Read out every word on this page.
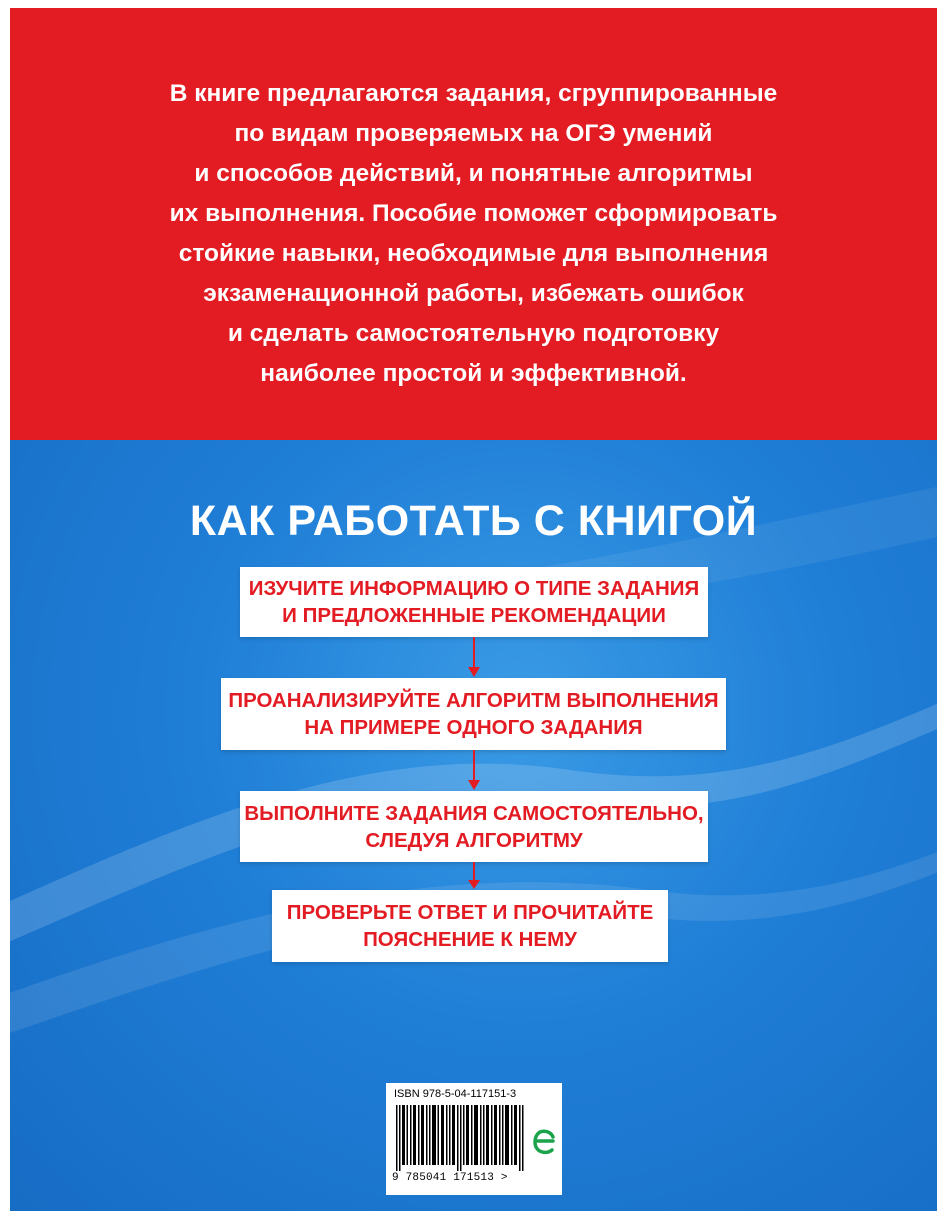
В книге предлагаются задания, сгруппированные
по видам проверяемых на ОГЭ умений
и способов действий, и понятные алгоритмы
их выполнения. Пособие поможет сформировать
стойкие навыки, необходимые для выполнения
экзаменационной работы, избежать ошибок
и сделать самостоятельную подготовку
наиболее простой и эффективной.

КАК РАБОТАТЬ С КНИГОЙ
ИЗУЧИТЕ ИНФОРМАЦИЮ О ТИПЕ ЗАДАНИЯ
И ПРЕДЛОЖЕННЫЕ РЕКОМЕНДАЦИИ
ПРОАНАЛИЗИРУЙТЕ АЛГОРИТМ ВЫПОЛНЕНИЯ
НА ПРИМЕРЕ ОДНОГО ЗАДАНИЯ
ВЫПОЛНИТЕ ЗАДАНИЯ САМОСТОЯТЕЛЬНО,
СЛЕДУЯ АЛГОРИТМУ
ПРОВЕРЬТЕ ОТВЕТ И ПРОЧИТАЙТЕ
ПОЯСНЕНИЕ К НЕМУ
ISBN 978-5-04-117151-3
9 785041 171513 >
